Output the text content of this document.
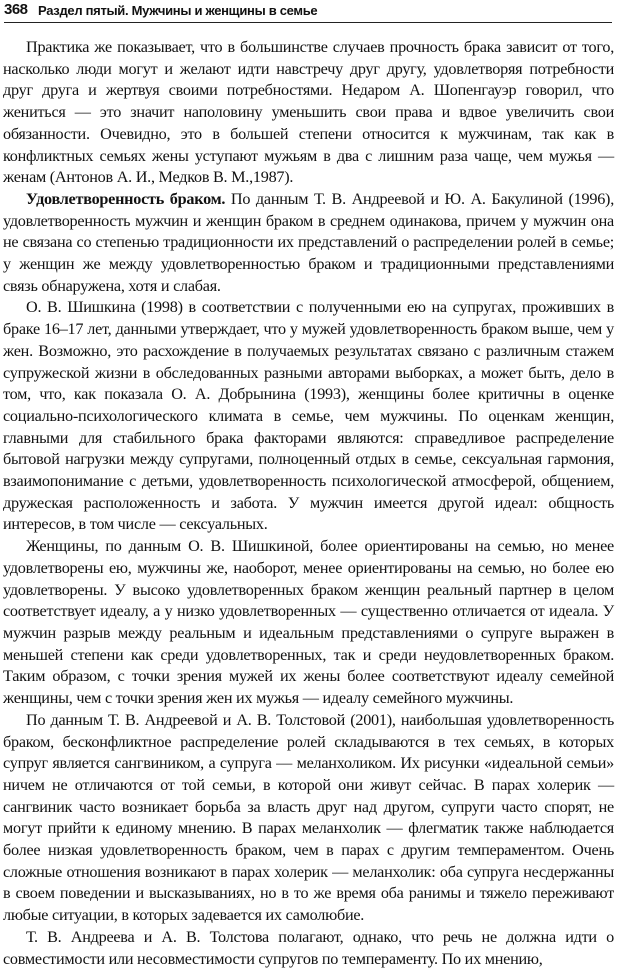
368 Раздел пятый. Мужчины и женщины в семье

Практика же показывает, что в большинстве случаев прочность брака зависит от того, насколько люди могут и желают идти навстречу друг другу, удовлетворяя потребности друг друга и жертвуя своими потребностями. Недаром А. Шопенгауэр говорил, что жениться — это значит наполовину уменьшить свои права и вдвое увеличить свои обязанности. Очевидно, это в большей степени относится к мужчинам, так как в конфликтных семьях жены уступают мужьям в два с лишним раза чаще, чем мужья — женам (Антонов А. И., Медков В. М.,1987).

Удовлетворенность браком. По данным Т. В. Андреевой и Ю. А. Бакулиной (1996), удовлетворенность мужчин и женщин браком в среднем одинакова, причем у мужчин она не связана со степенью традиционности их представлений о распределении ролей в семье; у женщин же между удовлетворенностью браком и традиционными представлениями связь обнаружена, хотя и слабая.

О. В. Шишкина (1998) в соответствии с полученными ею на супругах, проживших в браке 16–17 лет, данными утверждает, что у мужей удовлетворенность браком выше, чем у жен. Возможно, это расхождение в получаемых результатах связано с различным стажем супружеской жизни в обследованных разными авторами выборках, а может быть, дело в том, что, как показала О. А. Добрынина (1993), женщины более критичны в оценке социально-психологического климата в семье, чем мужчины. По оценкам женщин, главными для стабильного брака факторами являются: справедливое распределение бытовой нагрузки между супругами, полноценный отдых в семье, сексуальная гармония, взаимопонимание с детьми, удовлетворенность психологической атмосферой, общением, дружеская расположенность и забота. У мужчин имеется другой идеал: общность интересов, в том числе — сексуальных.

Женщины, по данным О. В. Шишкиной, более ориентированы на семью, но менее удовлетворены ею, мужчины же, наоборот, менее ориентированы на семью, но более ею удовлетворены. У высоко удовлетворенных браком женщин реальный партнер в целом соответствует идеалу, а у низко удовлетворенных — существенно отличается от идеала. У мужчин разрыв между реальным и идеальным представлениями о супруге выражен в меньшей степени как среди удовлетворенных, так и среди неудовлетворенных браком. Таким образом, с точки зрения мужей их жены более соответствуют идеалу семейной женщины, чем с точки зрения жен их мужья — идеалу семейного мужчины.

По данным Т. В. Андреевой и А. В. Толстовой (2001), наибольшая удовлетворенность браком, бесконфликтное распределение ролей складываются в тех семьях, в которых супруг является сангвиником, а супруга — меланхоликом. Их рисунки «идеальной семьи» ничем не отличаются от той семьи, в которой они живут сейчас. В парах холерик — сангвиник часто возникает борьба за власть друг над другом, супруги часто спорят, не могут прийти к единому мнению. В парах меланхолик — флегматик также наблюдается более низкая удовлетворенность браком, чем в парах с другим темпераментом. Очень сложные отношения возникают в парах холерик — меланхолик: оба супруга несдержанны в своем поведении и высказываниях, но в то же время оба ранимы и тяжело переживают любые ситуации, в которых задевается их самолюбие.

Т. В. Андреева и А. В. Толстова полагают, однако, что речь не должна идти о совместимости или несовместимости супругов по темпераменту. По их мнению,
